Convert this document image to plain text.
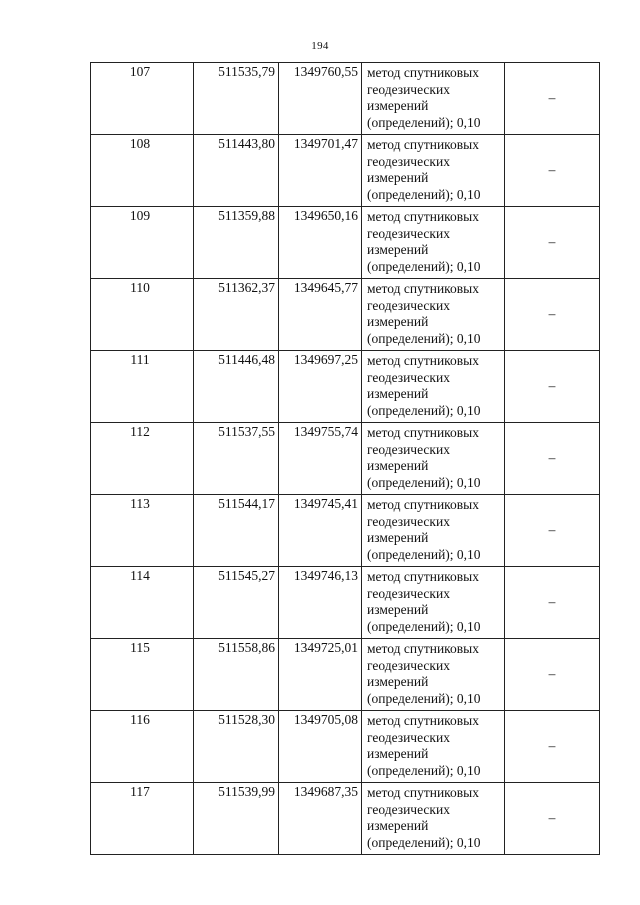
194
107	511535,79	1349760,55	метод спутниковых
геодезических
измерений
(определений); 0,10	–
108	511443,80	1349701,47	метод спутниковых
геодезических
измерений
(определений); 0,10	–
109	511359,88	1349650,16	метод спутниковых
геодезических
измерений
(определений); 0,10	–
110	511362,37	1349645,77	метод спутниковых
геодезических
измерений
(определений); 0,10	–
111	511446,48	1349697,25	метод спутниковых
геодезических
измерений
(определений); 0,10	–
112	511537,55	1349755,74	метод спутниковых
геодезических
измерений
(определений); 0,10	–
113	511544,17	1349745,41	метод спутниковых
геодезических
измерений
(определений); 0,10	–
114	511545,27	1349746,13	метод спутниковых
геодезических
измерений
(определений); 0,10	–
115	511558,86	1349725,01	метод спутниковых
геодезических
измерений
(определений); 0,10	–
116	511528,30	1349705,08	метод спутниковых
геодезических
измерений
(определений); 0,10	–
117	511539,99	1349687,35	метод спутниковых
геодезических
измерений
(определений); 0,10	–
